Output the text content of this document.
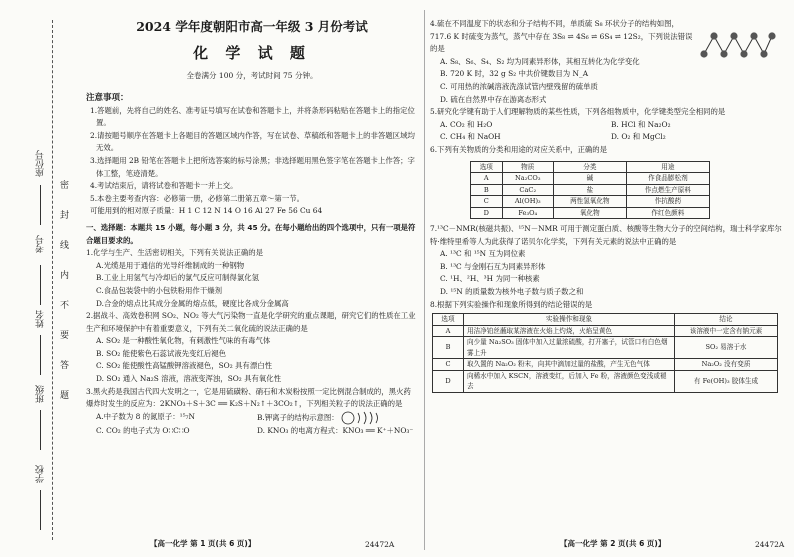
座位号
考号
姓名
班级
学校
密
封
线
内
不
要
答
题
2024 学年度朝阳市高一年级 3 月份考试
化 学 试 题
全卷满分 100 分，考试时间 75 分钟。
注意事项：

1.答题前，先将自己的姓名、准考证号填写在试卷和答题卡上，并将条形码粘贴在答题卡上的指定位置。

2.请按题号顺序在答题卡上各题目的答题区域内作答，写在试卷、草稿纸和答题卡上的非答题区域均无效。

3.选择题用 2B 铅笔在答题卡上把所选答案的标号涂黑；非选择题用黑色签字笔在答题卡上作答；字体工整，笔迹清楚。

4.考试结束后，请将试卷和答题卡一并上交。

5.本卷主要考查内容：必修第一册，必修第二册第五章～第一节。

可能用到的相对原子质量：H 1 C 12 N 14 O 16 Al 27 Fe 56 Cu 64

一、选择题：本题共 15 小题，每小题 3 分，共 45 分。在每小题给出的四个选项中，只有一项是符合题目要求的。

1.化学与生产、生活密切相关，下列有关说法正确的是

A.光缆是用于通信的光导纤维制成的一种钢物

B.工业上用氢气与冷却后的氯气反应可制得氯化氢

C.食品包装袋中的小包铁粉用作干燥剂

D.合金的熔点比其成分金属的熔点低，硬度比各成分金属高

2.据战斗、高效卷积网 SO₂、NO₂ 等大气污染物一直是化学研究的重点课题，研究它们的性质在工业生产和环境保护中有着重要意义，下列有关二氧化硫的说法正确的是

A. SO₂ 是一种酸性氧化物，有刺激性气味的有毒气体

B. SO₂ 能使紫色石蕊试液先变红后褪色

C. SO₂ 能使酸性高锰酸钾溶液褪色，SO₂ 具有漂白性

D. SO₂ 通入 Na₂S 溶液，溶液变浑浊，SO₂ 具有氧化性

3.黑火药是我国古代四大发明之一，它是用硫磺粉、硝石和木炭粉按照一定比例混合制成的，黑火药爆炸时发生的反应为：2KNO₃＋S＋3C ══ K₂S＋N₂↑＋3CO₂↑，下列相关粒子的说法正确的是

A.中子数为 8 的氮原子：¹⁵₇N	B.钾离子的结构示意图：
C. CO₂ 的电子式为 O∷C∷O	D. KNO₃ 的电离方程式：KNO₃ ══ K⁺＋NO₃⁻
【高一化学 第 1 页(共 6 页)】	24472A

4.硫在不同温度下的状态和分子结构不同，单质硫 S₈ 环状分子的结构如图，717.6 K 时硫变为蒸气，蒸气中存在 3S₈ ⇌ 4S₆ ⇌ 6S₄ ⇌ 12S₂，下列说法错误的是

A. S₈、S₆、S₄、S₂ 均为同素异形体，其相互转化为化学变化

B. 720 K 时，32 g S₂ 中共价键数目为 N_A

C. 可用热的浓碱溶液洗涤试管内壁残留的硫单质

D. 硫在自然界中存在游离态形式

5.研究化学键有助于人们理解物质的某些性质，下列各组物质中，化学键类型完全相同的是

A. CO₂ 和 H₂O	B. HCl 和 Na₂O₂
C. CH₄ 和 NaOH	D. O₂ 和 MgCl₂

6.下列有关物质的分类和用途的对应关系中，正确的是

选项	物质	分类	用途
A	Na₂CO₃	碱	作食品膨松剂
B	CaC₂	盐	作点燃生产原料
C	Al(OH)₃	两性氢氧化物	作抗酸药
D	Fe₃O₄	氧化物	作红色颜料

7.¹³C－NMR(核磁共振)、¹⁵N－NMR 可用于测定蛋白质、核酸等生物大分子的空间结构，瑞士科学家库尔特·维特里希等人为此获得了诺贝尔化学奖，下列有关元素的说法中正确的是

A. ¹³C 和 ¹⁵N 互为同位素

B. ¹³C 与金刚石互为同素异形体

C. ¹H、²H、³H 为同一种核素

D. ¹⁵N 的质量数为核外电子数与质子数之和

8.根据下列实验操作和现象所得到的结论错误的是

选项	实验操作和现象	结论
A	用洁净铂丝蘸取某溶液在火焰上灼烧，火焰呈黄色	该溶液中一定含有钠元素
B	向少量 Na₂SO₃ 固体中加入过量浓硫酸，打开塞子，试管口有白色烟雾上升	SO₂ 易溶于水
C	取久置的 Na₂O₂ 粉末，向其中滴加过量的盐酸，产生无色气体	Na₂O₂ 没有变质
D	向稀水中加入 KSCN，溶液变红，后加入 Fe 粉，溶液颜色变浅或褪去	有 Fe(OH)₃ 胶体生成
【高一化学 第 2 页(共 6 页)】	24472A
